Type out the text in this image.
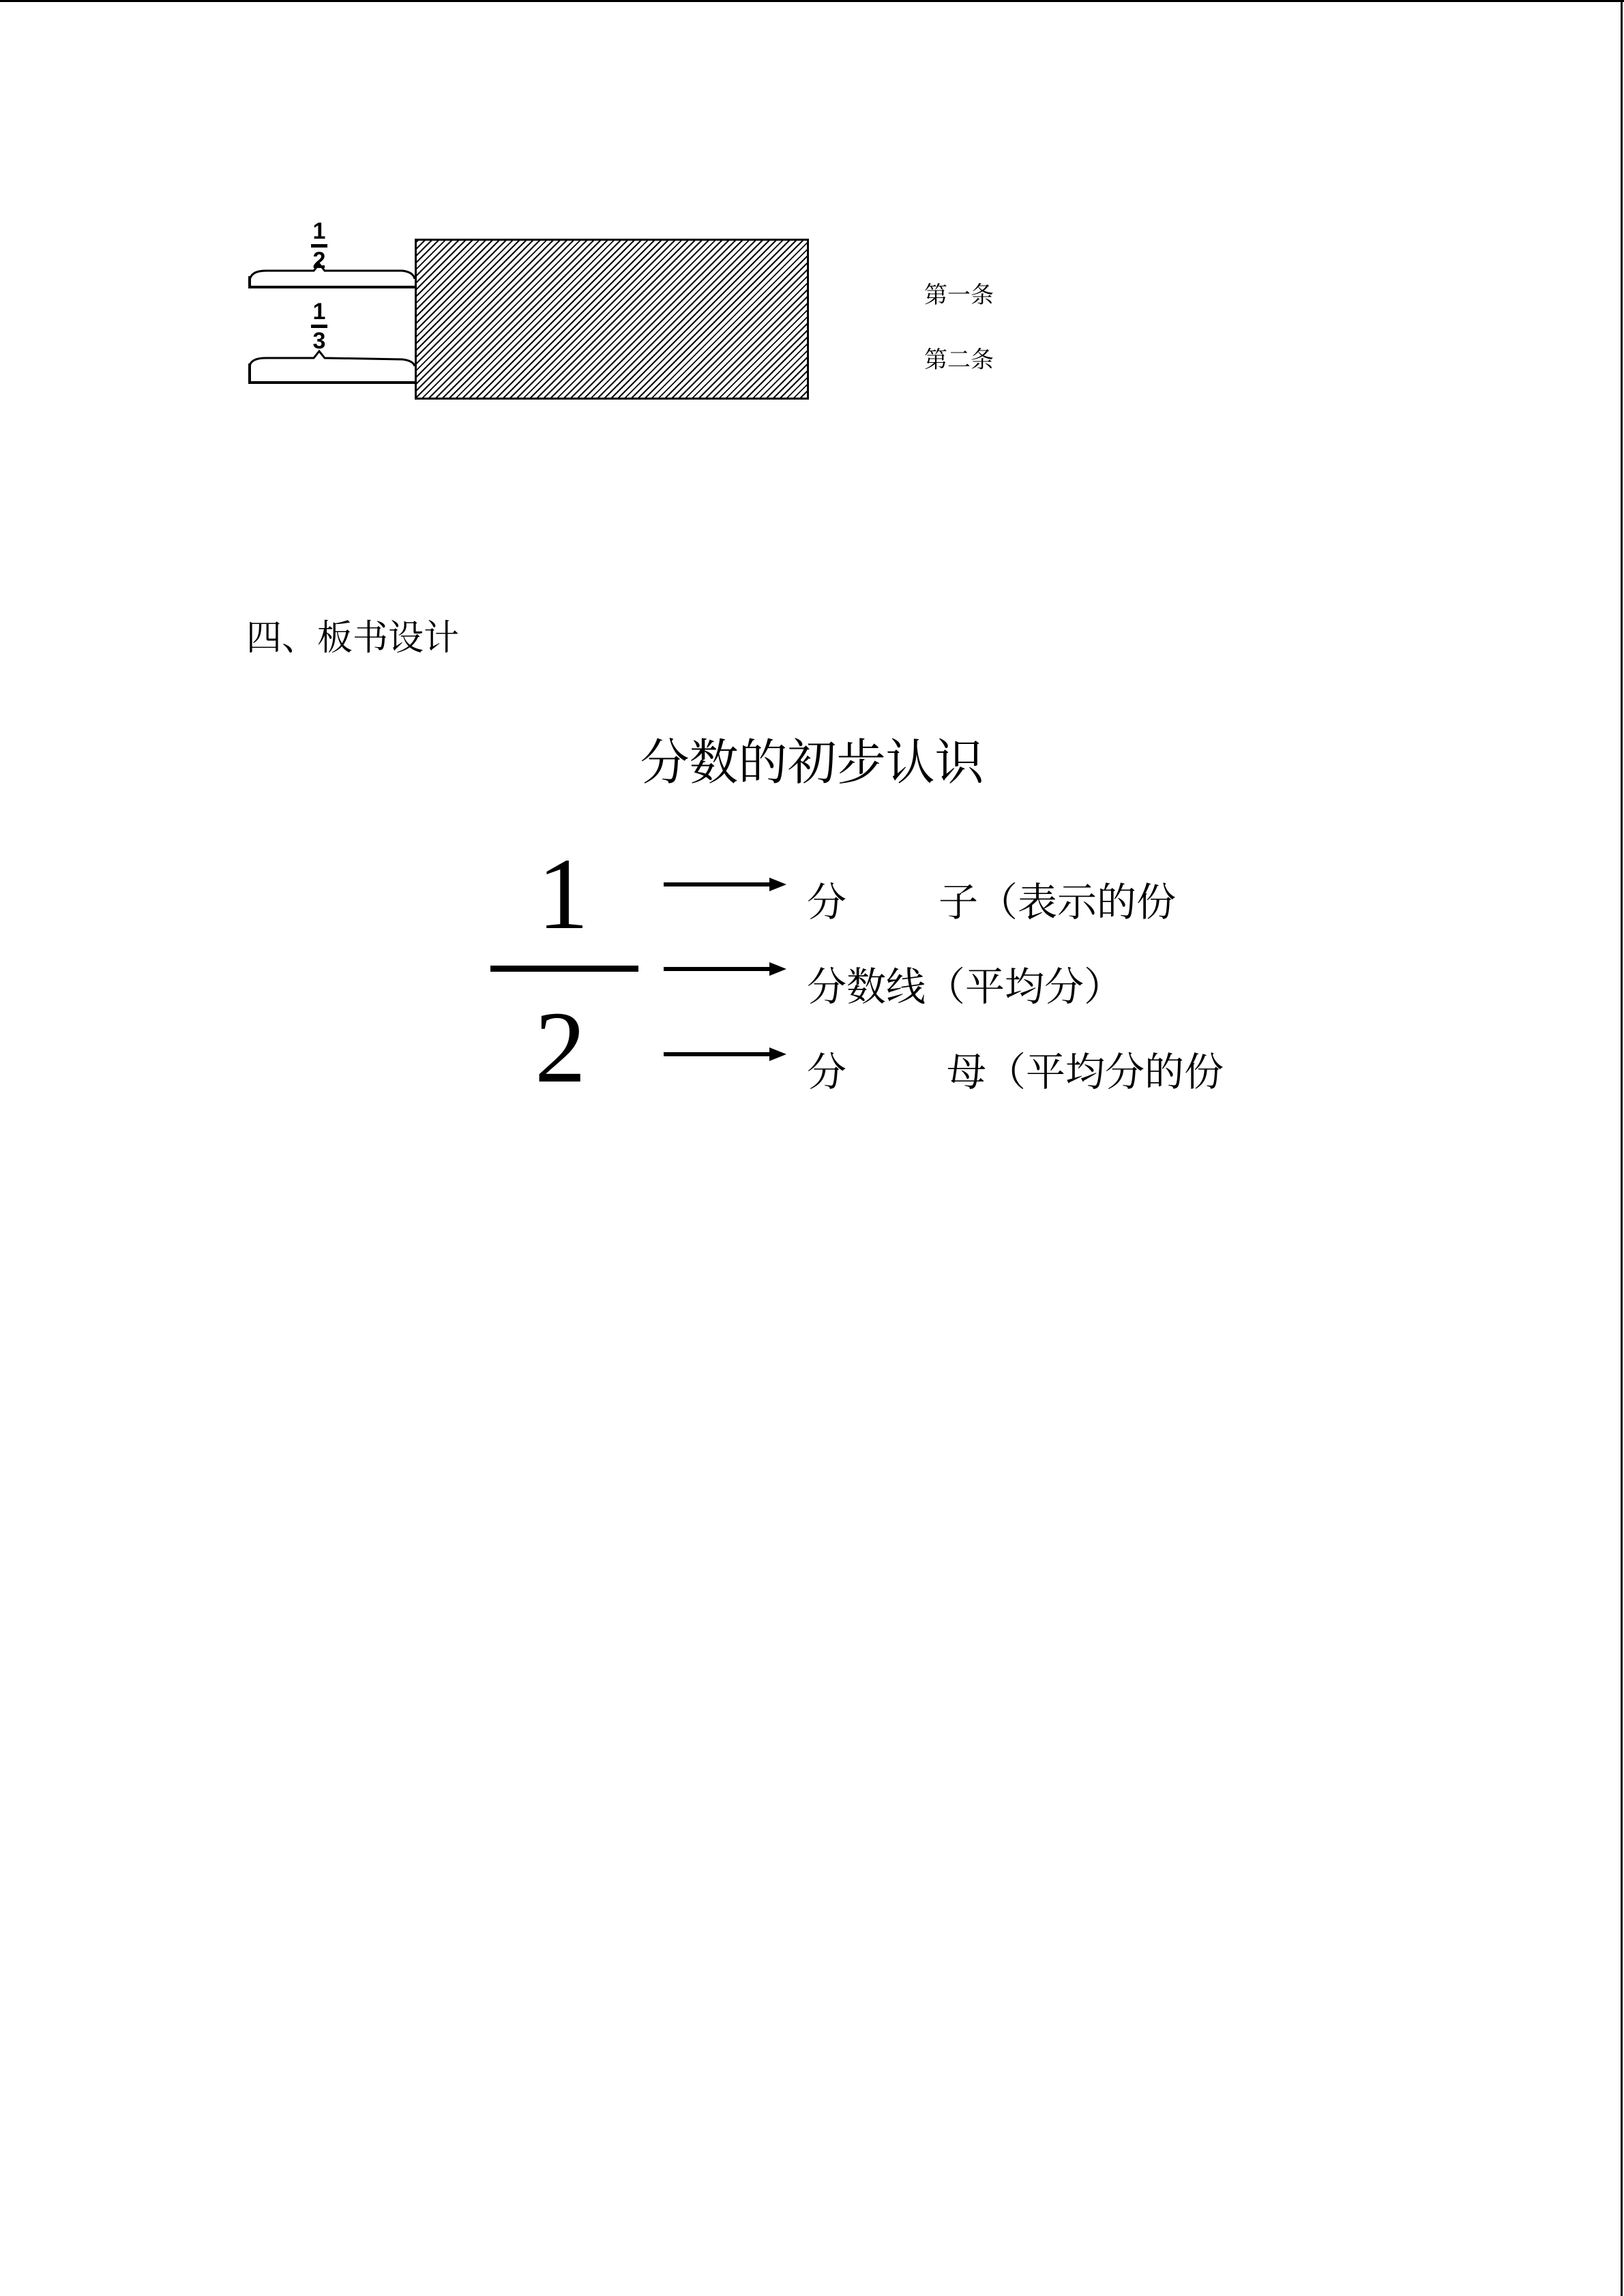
1
2
1
3
第一条
第二条
四、板书设计
分数的初步认识
1
2
分 子（表示的份
分数线（平均分）
分	母（平均分的份
